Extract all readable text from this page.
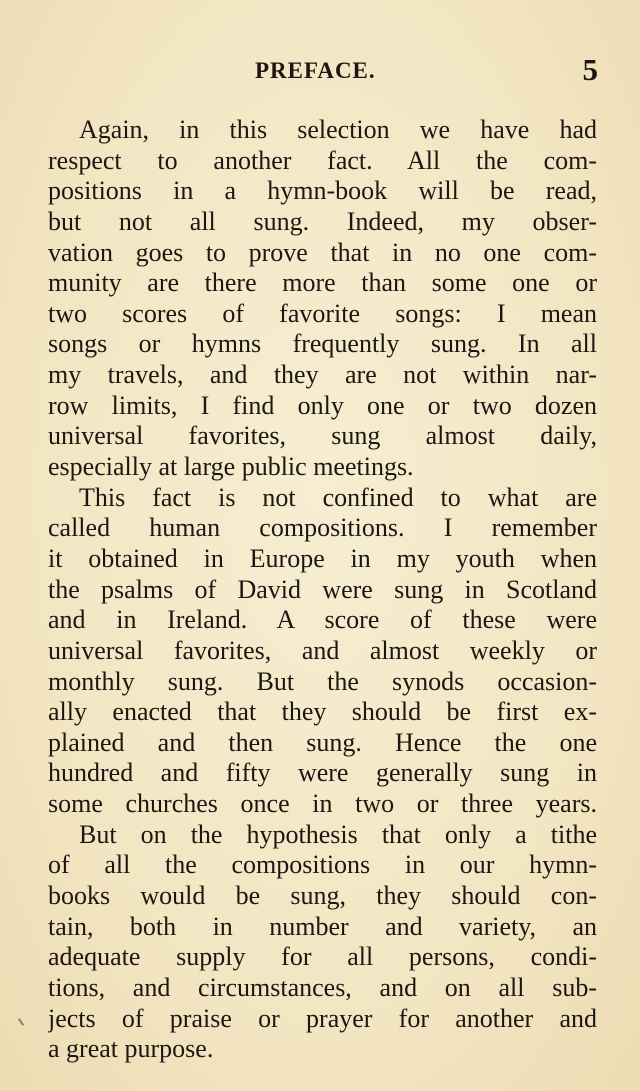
PREFACE.	5
Again, in this selection we have had
respect to another fact. All the com-
positions in a hymn-book will be read,
but not all sung. Indeed, my obser-
vation goes to prove that in no one com-
munity are there more than some one or
two scores of favorite songs: I mean
songs or hymns frequently sung. In all
my travels, and they are not within nar-
row limits, I find only one or two dozen
universal favorites, sung almost daily,
especially at large public meetings.
This fact is not confined to what are
called human compositions. I remember
it obtained in Europe in my youth when
the psalms of David were sung in Scotland
and in Ireland. A score of these were
universal favorites, and almost weekly or
monthly sung. But the synods occasion-
ally enacted that they should be first ex-
plained and then sung. Hence the one
hundred and fifty were generally sung in
some churches once in two or three years.
But on the hypothesis that only a tithe
of all the compositions in our hymn-
books would be sung, they should con-
tain, both in number and variety, an
adequate supply for all persons, condi-
tions, and circumstances, and on all sub-
jects of praise or prayer for another and
a great purpose.
